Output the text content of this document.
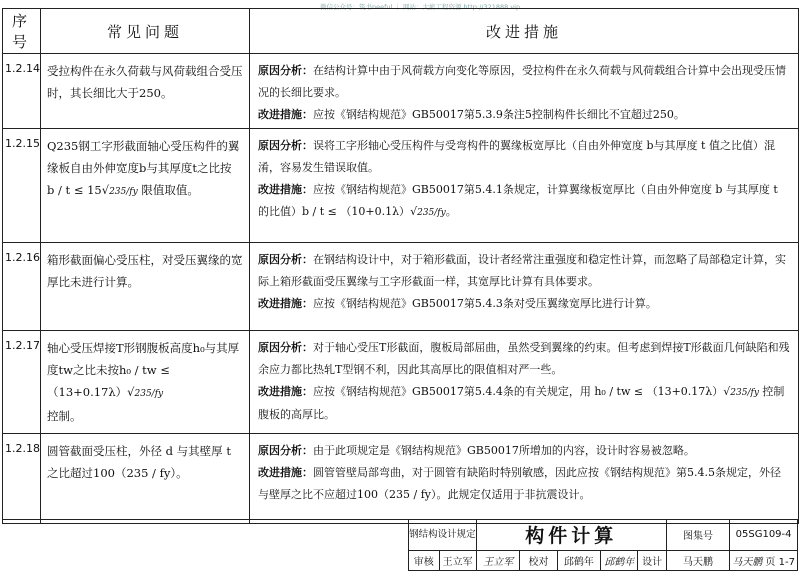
微信公众号：筑书neeful ｜ 网站：大熊工程资源 http://321888.vip
序号	常见问题	改进措施
1.2.14	受拉构件在永久荷载与风荷载组合受压时，其长细比大于250。	原因分析：在结构计算中由于风荷载方向变化等原因，受拉构件在永久荷载与风荷载组合计算中会出现受压情况的长细比要求。
改进措施：应按《钢结构规范》GB50017第5.3.9条注5控制构件长细比不宜超过250。
1.2.15	Q235钢工字形截面轴心受压构件的翼缘板自由外伸宽度b与其厚度t之比按
b / t ≤ 15√235/fy 限值取值。	原因分析：误将工字形轴心受压构件与受弯构件的翼缘板宽厚比（自由外伸宽度 b与其厚度 t 值之比值）混淆，容易发生错误取值。
改进措施：应按《钢结构规范》GB50017第5.4.1条规定，计算翼缘板宽厚比（自由外伸宽度 b 与其厚度 t 的比值）b / t ≤ （10+0.1λ）√235/fy。
1.2.16	箱形截面偏心受压柱，对受压翼缘的宽厚比未进行计算。	原因分析：在钢结构设计中，对于箱形截面，设计者经常注重强度和稳定性计算，而忽略了局部稳定计算，实际上箱形截面受压翼缘与工字形截面一样，其宽厚比计算有具体要求。
改进措施：应按《钢结构规范》GB50017第5.4.3条对受压翼缘宽厚比进行计算。
1.2.17	轴心受压焊接T形钢腹板高度h₀与其厚度tw之比未按h₀ / tw ≤ （13+0.17λ）√235/fy
控制。	原因分析：对于轴心受压T形截面，腹板局部屈曲，虽然受到翼缘的约束。但考虑到焊接T形截面几何缺陷和残余应力都比热轧T型钢不利，因此其高厚比的限值相对严一些。
改进措施：应按《钢结构规范》GB50017第5.4.4条的有关规定，用 h₀ / tw ≤ （13+0.17λ）√235/fy 控制腹板的高厚比。
1.2.18	圆管截面受压柱，外径 d 与其壁厚 t 之比超过100（235 / fy）。	原因分析：由于此项规定是《钢结构规范》GB50017所增加的内容，设计时容易被忽略。
改进措施：圆管管壁局部弯曲，对于圆管有缺陷时特别敏感，因此应按《钢结构规范》第5.4.5条规定，外径与壁厚之比不应超过100（235 / fy）。此规定仅适用于非抗震设计。
钢结构设计规定		构件计算					图集号	05SG109-4
审核	王立军	王立军	校对	邱鹤年	邱鹤年	设计	马天鹏	马天鹏 页 1-7
